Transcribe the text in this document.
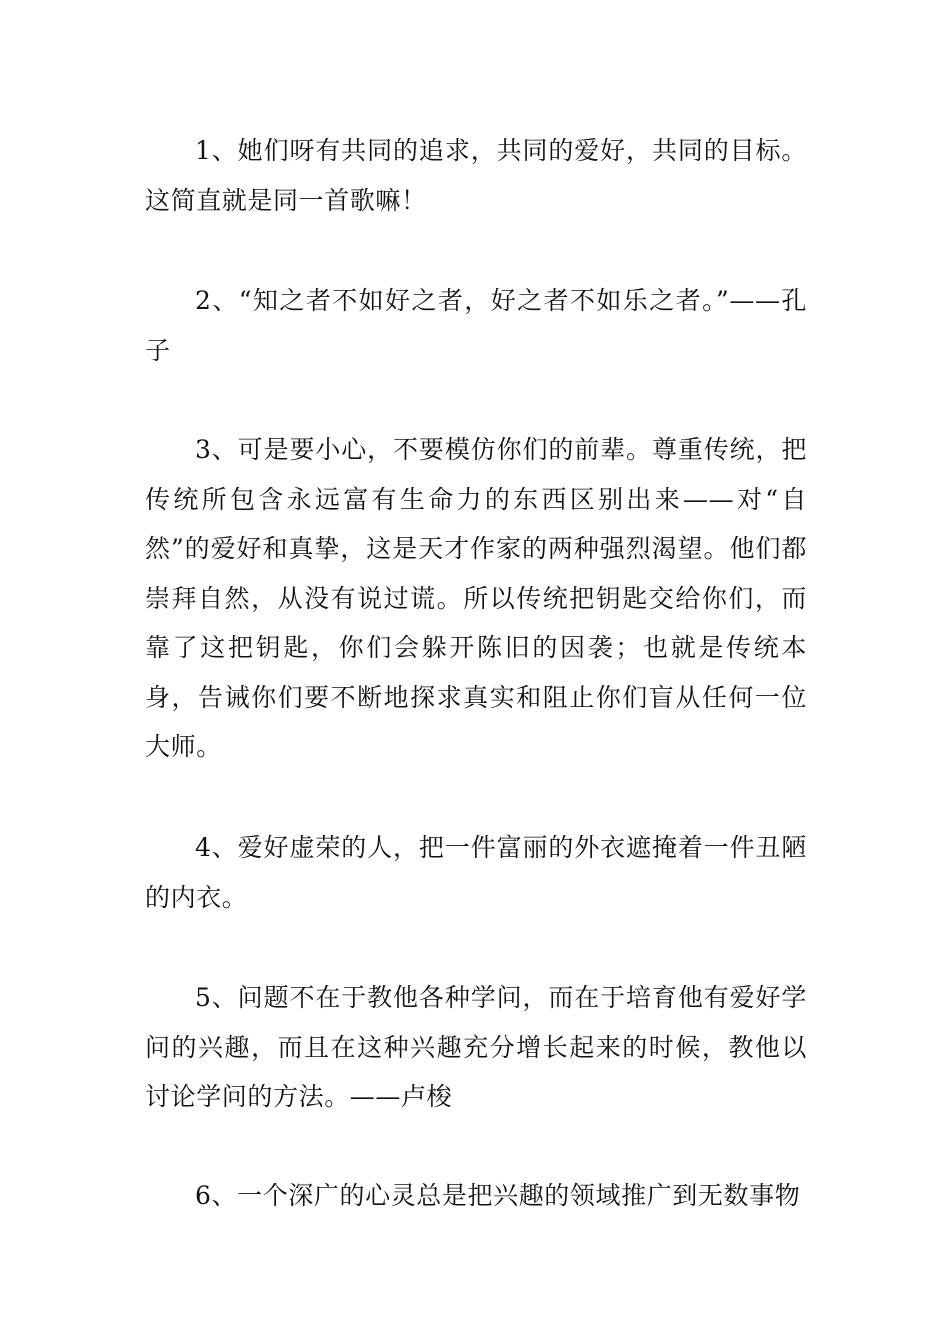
1、她们呀有共同的追求，共同的爱好，共同的目标。这简直就是同一首歌嘛！

2、“知之者不如好之者，好之者不如乐之者。”——孔子

3、可是要小心，不要模仿你们的前辈。尊重传统，把传统所包含永远富有生命力的东西区别出来——对“自然”的爱好和真挚，这是天才作家的两种强烈渴望。他们都崇拜自然，从没有说过谎。所以传统把钥匙交给你们，而靠了这把钥匙，你们会躲开陈旧的因袭；也就是传统本身，告诫你们要不断地探求真实和阻止你们盲从任何一位大师。

4、爱好虚荣的人，把一件富丽的外衣遮掩着一件丑陋的内衣。

5、问题不在于教他各种学问，而在于培育他有爱好学问的兴趣，而且在这种兴趣充分增长起来的时候，教他以讨论学问的方法。——卢梭

6、一个深广的心灵总是把兴趣的领域推广到无数事物
